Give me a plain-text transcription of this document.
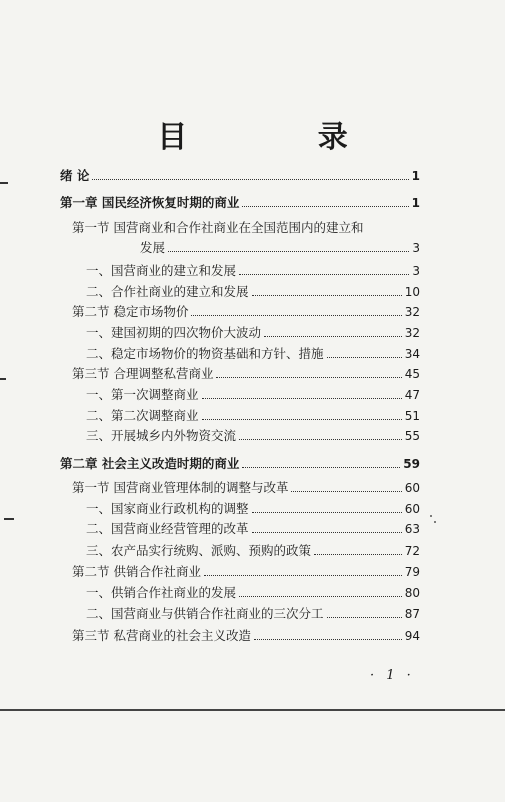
目 录
绪 论	1
第一章 国民经济恢复时期的商业	1
第一节 国营商业和合作社商业在全国范围内的建立和
发展	3
一、国营商业的建立和发展	3
二、合作社商业的建立和发展	10
第二节 稳定市场物价	32
一、建国初期的四次物价大波动	32
二、稳定市场物价的物资基础和方针、措施	34
第三节 合理调整私营商业	45
一、第一次调整商业	47
二、第二次调整商业	51
三、开展城乡内外物资交流	55
第二章 社会主义改造时期的商业	59
第一节 国营商业管理体制的调整与改革	60
一、国家商业行政机构的调整	60
二、国营商业经营管理的改革	63
三、农产品实行统购、派购、预购的政策	72
第二节 供销合作社商业	79
一、供销合作社商业的发展	80
二、国营商业与供销合作社商业的三次分工	87
第三节 私营商业的社会主义改造	94
· 1 ·
